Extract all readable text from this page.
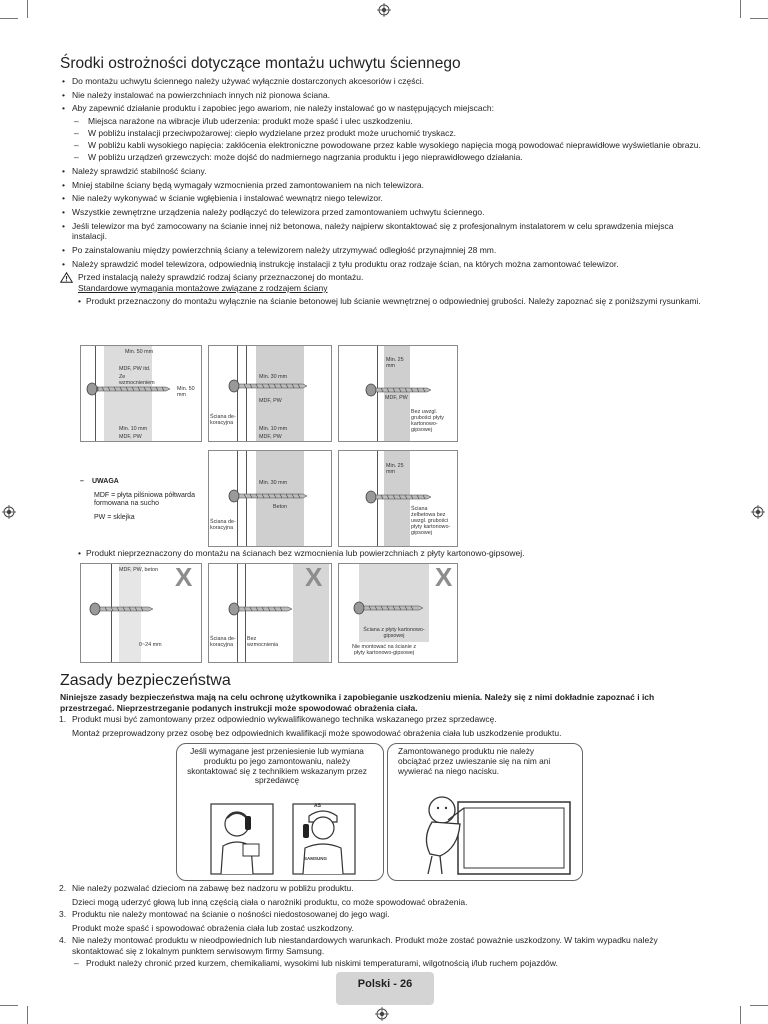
Środki ostrożności dotyczące montażu uchwytu ściennego
• Do montażu uchwytu ściennego należy używać wyłącznie dostarczonych akcesoriów i części.
• Nie należy instalować na powierzchniach innych niż pionowa ściana.
• Aby zapewnić działanie produktu i zapobiec jego awariom, nie należy instalować go w następujących miejscach:
– Miejsca narażone na wibracje i/lub uderzenia: produkt może spaść i ulec uszkodzeniu.
– W pobliżu instalacji przeciwpożarowej: ciepło wydzielane przez produkt może uruchomić tryskacz.
– W pobliżu kabli wysokiego napięcia: zakłócenia elektroniczne powodowane przez kable wysokiego napięcia mogą powodować nieprawidłowe wyświetlanie obrazu.
– W pobliżu urządzeń grzewczych: może dojść do nadmiernego nagrzania produktu i jego nieprawidłowego działania.
• Należy sprawdzić stabilność ściany.
• Mniej stabilne ściany będą wymagały wzmocnienia przed zamontowaniem na nich telewizora.
• Nie należy wykonywać w ścianie wgłębienia i instalować wewnątrz niego telewizor.
• Wszystkie zewnętrzne urządzenia należy podłączyć do telewizora przed zamontowaniem uchwytu ściennego.
• Jeśli telewizor ma być zamocowany na ścianie innej niż betonowa, należy najpierw skontaktować się z profesjonalnym instalatorem w celu sprawdzenia miejsca instalacji.
• Po zainstalowaniu między powierzchnią ściany a telewizorem należy utrzymywać odległość przynajmniej 28 mm.
• Należy sprawdzić model telewizora, odpowiednią instrukcję instalacji z tyłu produktu oraz rodzaje ścian, na których można zamontować telewizor.
Przed instalacją należy sprawdzić rodzaj ściany przeznaczonej do montażu.
Standardowe wymagania montażowe związane z rodzajem ściany
• Produkt przeznaczony do montażu wyłącznie na ścianie betonowej lub ścianie wewnętrznej o odpowiedniej grubości. Należy zapoznać się z poniższymi rysunkami.
Min. 50 mm
MDF, PW itd.
Ze wzmocnieniem
Min. 50 mm
Min. 10 mm
MDF, PW
Min. 30 mm
MDF, PW
Ściana de-koracyjna
Min. 10 mm
MDF, PW
Min. 25 mm
MDF, PW
Bez uwzgl. grubości płyty kartonowo-gipsowej
– UWAGA
MDF = płyta pilśniowa półtwarda formowana na sucho
PW = sklejka
Min. 30 mm
Beton
Ściana de-koracyjna
Min. 25 mm
Ściana żelbetowa bez uwzgl. grubości płyty kartonowo-gipsowej
• Produkt nieprzeznaczony do montażu na ścianach bez wzmocnienia lub powierzchniach z płyty kartonowo-gipsowej.
MDF, PW, beton
0~24 mm
X
Ściana de-koracyjna
Bez wzmocnienia
X
Ściana z płyty kartonowo-gipsowej
Nie montować na ścianie z płyty kartonowo-gipsowej
X
Zasady bezpieczeństwa

Niniejsze zasady bezpieczeństwa mają na celu ochronę użytkownika i zapobieganie uszkodzeniu mienia. Należy się z nimi dokładnie zapoznać i ich przestrzegać. Nieprzestrzeganie podanych instrukcji może spowodować obrażenia ciała.

1. Produkt musi być zamontowany przez odpowiednio wykwalifikowanego technika wskazanego przez sprzedawcę.
Montaż przeprowadzony przez osobę bez odpowiednich kwalifikacji może spowodować obrażenia ciała lub uszkodzenie produktu.
Jeśli wymagane jest przeniesienie lub wymiana produktu po jego zamontowaniu, należy skontaktować się z technikiem wskazanym przez sprzedawcę
AS
SAMSUNG
Zamontowanego produktu nie należy obciążać przez uwieszanie się na nim ani wywierać na niego nacisku.
2. Nie należy pozwalać dzieciom na zabawę bez nadzoru w pobliżu produktu.
Dzieci mogą uderzyć głową lub inną częścią ciała o narożniki produktu, co może spowodować obrażenia.
3. Produktu nie należy montować na ścianie o nośności niedostosowanej do jego wagi.
Produkt może spaść i spowodować obrażenia ciała lub zostać uszkodzony.
4. Nie należy montować produktu w nieodpowiednich lub niestandardowych warunkach. Produkt może zostać poważnie uszkodzony. W takim wypadku należy skontaktować się z lokalnym punktem serwisowym firmy Samsung.
– Produkt należy chronić przed kurzem, chemikaliami, wysokimi lub niskimi temperaturami, wilgotnością i/lub ruchem pojazdów.
Polski - 26
